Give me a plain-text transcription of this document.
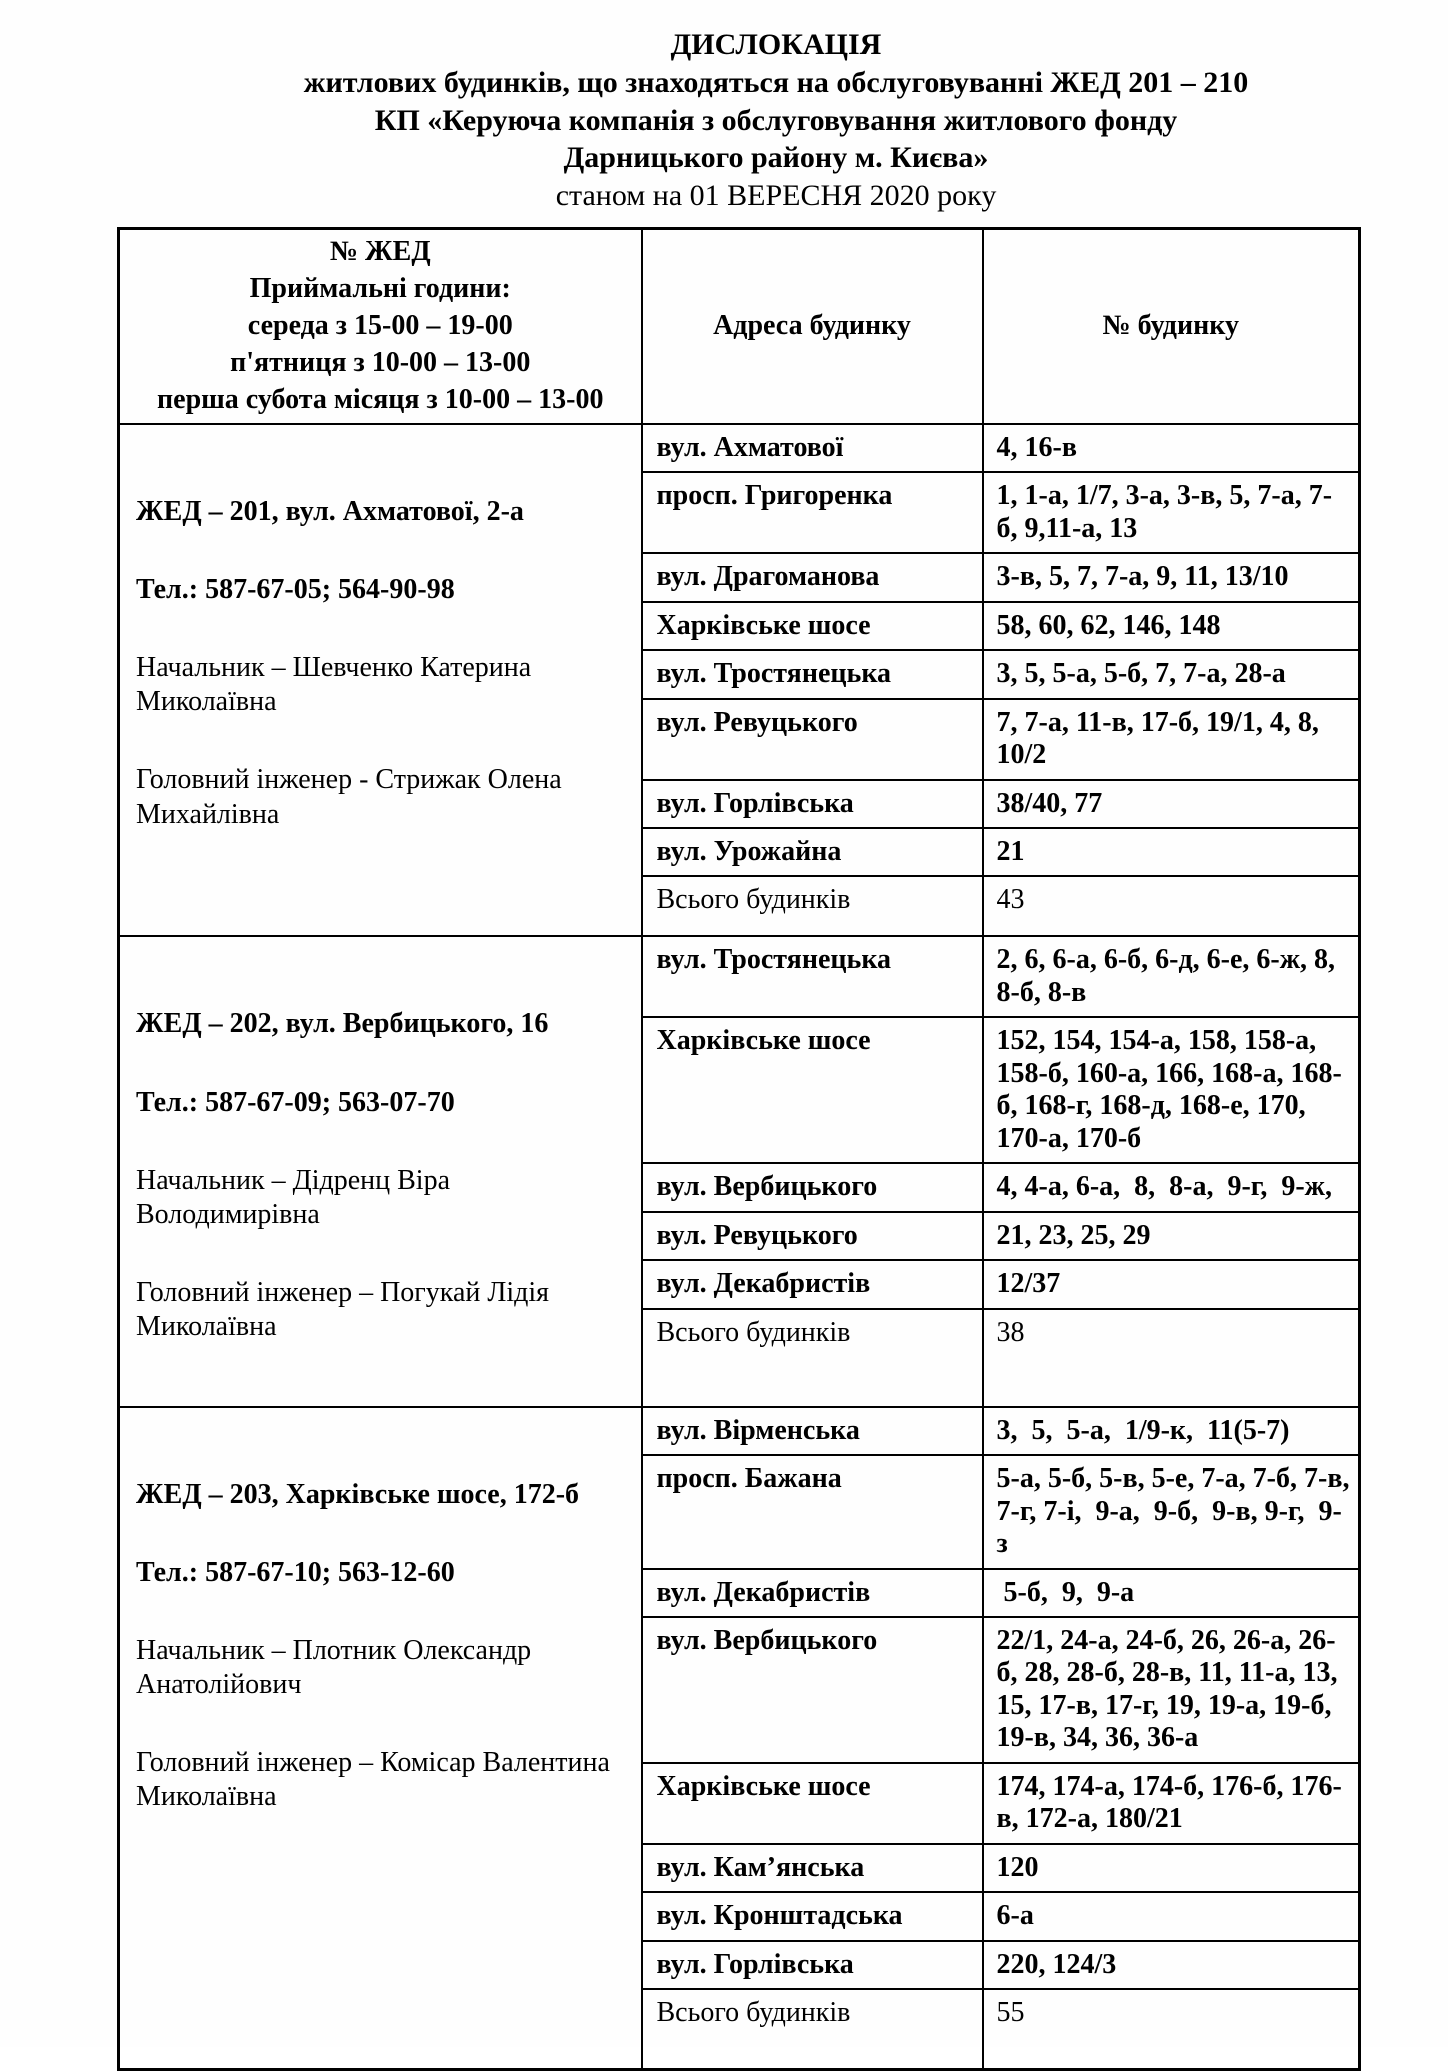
ДИСЛОКАЦІЯ
житлових будинків, що знаходяться на обслуговуванні ЖЕД 201 – 210
КП «Керуюча компанія з обслуговування житлового фонду
Дарницького району м. Києва»
станом на 01 ВЕРЕСНЯ 2020 року
№ ЖЕД
Приймальні години:
середа з 15-00 – 19-00
п'ятниця з 10-00 – 13-00
перша субота місяця з 10-00 – 13-00	Адреса будинку	№ будинку

ЖЕД – 201, вул. Ахматової, 2-а

Тел.: 587-67-05; 564-90-98

Начальник – Шевченко Катерина Миколаївна

Головний інженер - Стрижак Олена Михайлівна	вул. Ахматової	4, 16-в
	просп. Григоренка	1, 1-а, 1/7, 3-а, 3-в, 5, 7-а, 7-б, 9,11-а, 13
	вул. Драгоманова	3-в, 5, 7, 7-а, 9, 11, 13/10
	Харківське шосе	58, 60, 62, 146, 148
	вул. Тростянецька	3, 5, 5-а, 5-б, 7, 7-а, 28-а
	вул. Ревуцького	7, 7-а, 11-в, 17-б, 19/1, 4, 8, 10/2
	вул. Горлівська	38/40, 77
	вул. Урожайна	21
	Всього будинків	43

ЖЕД – 202, вул. Вербицького, 16

Тел.: 587-67-09; 563-07-70

Начальник – Дідренц Віра Володимирівна

Головний інженер – Погукай Лідія Миколаївна	вул. Тростянецька	2, 6, 6-а, 6-б, 6-д, 6-е, 6-ж, 8, 8-б, 8-в
	Харківське шосе	152, 154, 154-а, 158, 158-а, 158-б, 160-а, 166, 168-а, 168-б, 168-г, 168-д, 168-е, 170, 170-а, 170-б
	вул. Вербицького	4, 4-а, 6-а,  8,  8-а,  9-г,  9-ж,
	вул. Ревуцького	21, 23, 25, 29
	вул. Декабристів	12/37
	Всього будинків	38

ЖЕД – 203, Харківське шосе, 172-б

Тел.: 587-67-10; 563-12-60

Начальник – Плотник Олександр Анатолійович

Головний інженер – Комісар Валентина Миколаївна	вул. Вірменська	3,  5,  5-а,  1/9-к,  11(5-7)
	просп. Бажана	5-а, 5-б, 5-в, 5-е, 7-а, 7-б, 7-в, 7-г, 7-і,  9-а,  9-б,  9-в, 9-г,  9-з
	вул. Декабристів	5-б,  9,  9-а
	вул. Вербицького	22/1, 24-а, 24-б, 26, 26-а, 26-б, 28, 28-б, 28-в, 11, 11-а, 13, 15, 17-в, 17-г, 19, 19-а, 19-б, 19-в, 34, 36, 36-а
	Харківське шосе	174, 174-а, 174-б, 176-б, 176-в, 172-а, 180/21
	вул. Кам’янська	120
	вул. Кронштадська	6-а
	вул. Горлівська	220, 124/3
	Всього будинків	55
